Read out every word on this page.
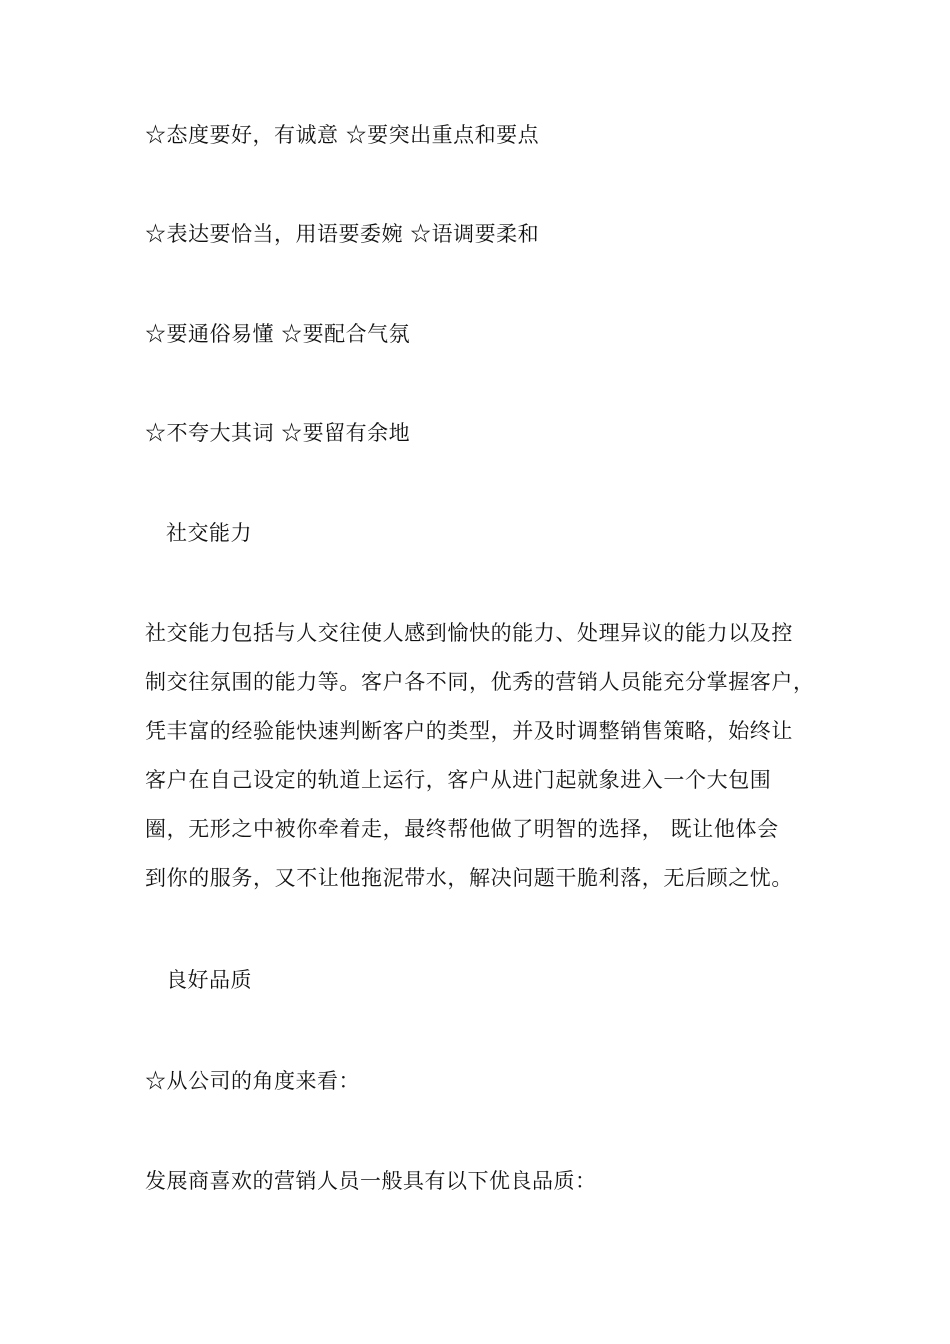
☆态度要好，有诚意 ☆要突出重点和要点
☆表达要恰当，用语要委婉 ☆语调要柔和
☆要通俗易懂 ☆要配合气氛
☆不夸大其词 ☆要留有余地
社交能力
社交能力包括与人交往使人感到愉快的能力、处理异议的能力以及控
制交往氛围的能力等。客户各不同，优秀的营销人员能充分掌握客户，
凭丰富的经验能快速判断客户的类型，并及时调整销售策略，始终让
客户在自己设定的轨道上运行，客户从进门起就象进入一个大包围
圈，无形之中被你牵着走，最终帮他做了明智的选择， 既让他体会
到你的服务，又不让他拖泥带水，解决问题干脆利落，无后顾之忧。
良好品质
☆从公司的角度来看：
发展商喜欢的营销人员一般具有以下优良品质：
